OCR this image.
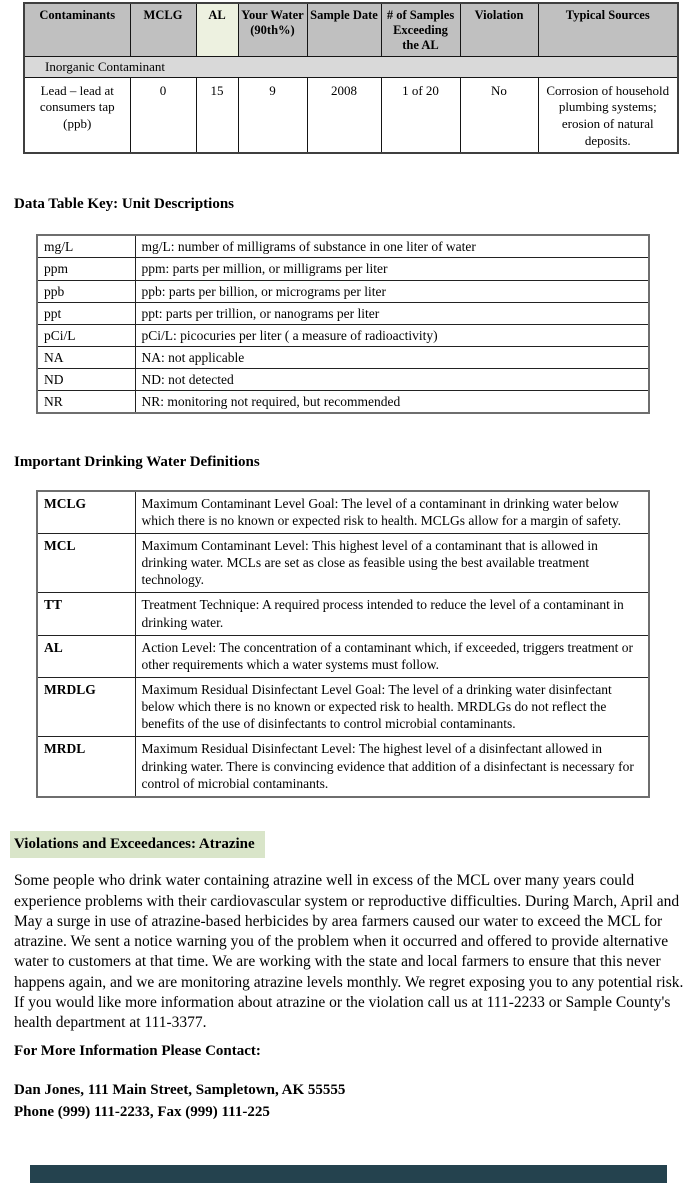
Contaminants	MCLG	AL	Your Water (90th%)	Sample Date	# of Samples Exceeding the AL	Violation	Typical Sources
Inorganic Contaminant							
Lead – lead at consumers tap (ppb)	0	15	9	2008	1 of 20	No	Corrosion of household plumbing systems; erosion of natural deposits.
Data Table Key: Unit Descriptions
mg/L	mg/L: number of milligrams of substance in one liter of water
ppm	ppm: parts per million, or milligrams per liter
ppb	ppb: parts per billion, or micrograms per liter
ppt	ppt: parts per trillion, or nanograms per liter
pCi/L	pCi/L: picocuries per liter ( a measure of radioactivity)
NA	NA: not applicable
ND	ND: not detected
NR	NR: monitoring not required, but recommended
Important Drinking Water Definitions
MCLG	Maximum Contaminant Level Goal: The level of a contaminant in drinking water below which there is no known or expected risk to health. MCLGs allow for a margin of safety.
MCL	Maximum Contaminant Level: This highest level of a contaminant that is allowed in drinking water. MCLs are set as close as feasible using the best available treatment technology.
TT	Treatment Technique: A required process intended to reduce the level of a contaminant in drinking water.
AL	Action Level: The concentration of a contaminant which, if exceeded, triggers treatment or other requirements which a water systems must follow.
MRDLG	Maximum Residual Disinfectant Level Goal: The level of a drinking water disinfectant below which there is no known or expected risk to health. MRDLGs do not reflect the benefits of the use of disinfectants to control microbial contaminants.
MRDL	Maximum Residual Disinfectant Level: The highest level of a disinfectant allowed in drinking water. There is convincing evidence that addition of a disinfectant is necessary for control of microbial contaminants.
Violations and Exceedances: Atrazine

Some people who drink water containing atrazine well in excess of the MCL over many years could experience problems with their cardiovascular system or reproductive difficulties. During March, April and May a surge in use of atrazine-based herbicides by area farmers caused our water to exceed the MCL for atrazine. We sent a notice warning you of the problem when it occurred and offered to provide alternative water to customers at that time. We are working with the state and local farmers to ensure that this never happens again, and we are monitoring atrazine levels monthly. We regret exposing you to any potential risk. If you would like more information about atrazine or the violation call us at 111-2233 or Sample County's health department at 111-3377.

For More Information Please Contact:
Dan Jones, 111 Main Street, Sampletown, AK 55555
Phone (999) 111-2233, Fax (999) 111-225
